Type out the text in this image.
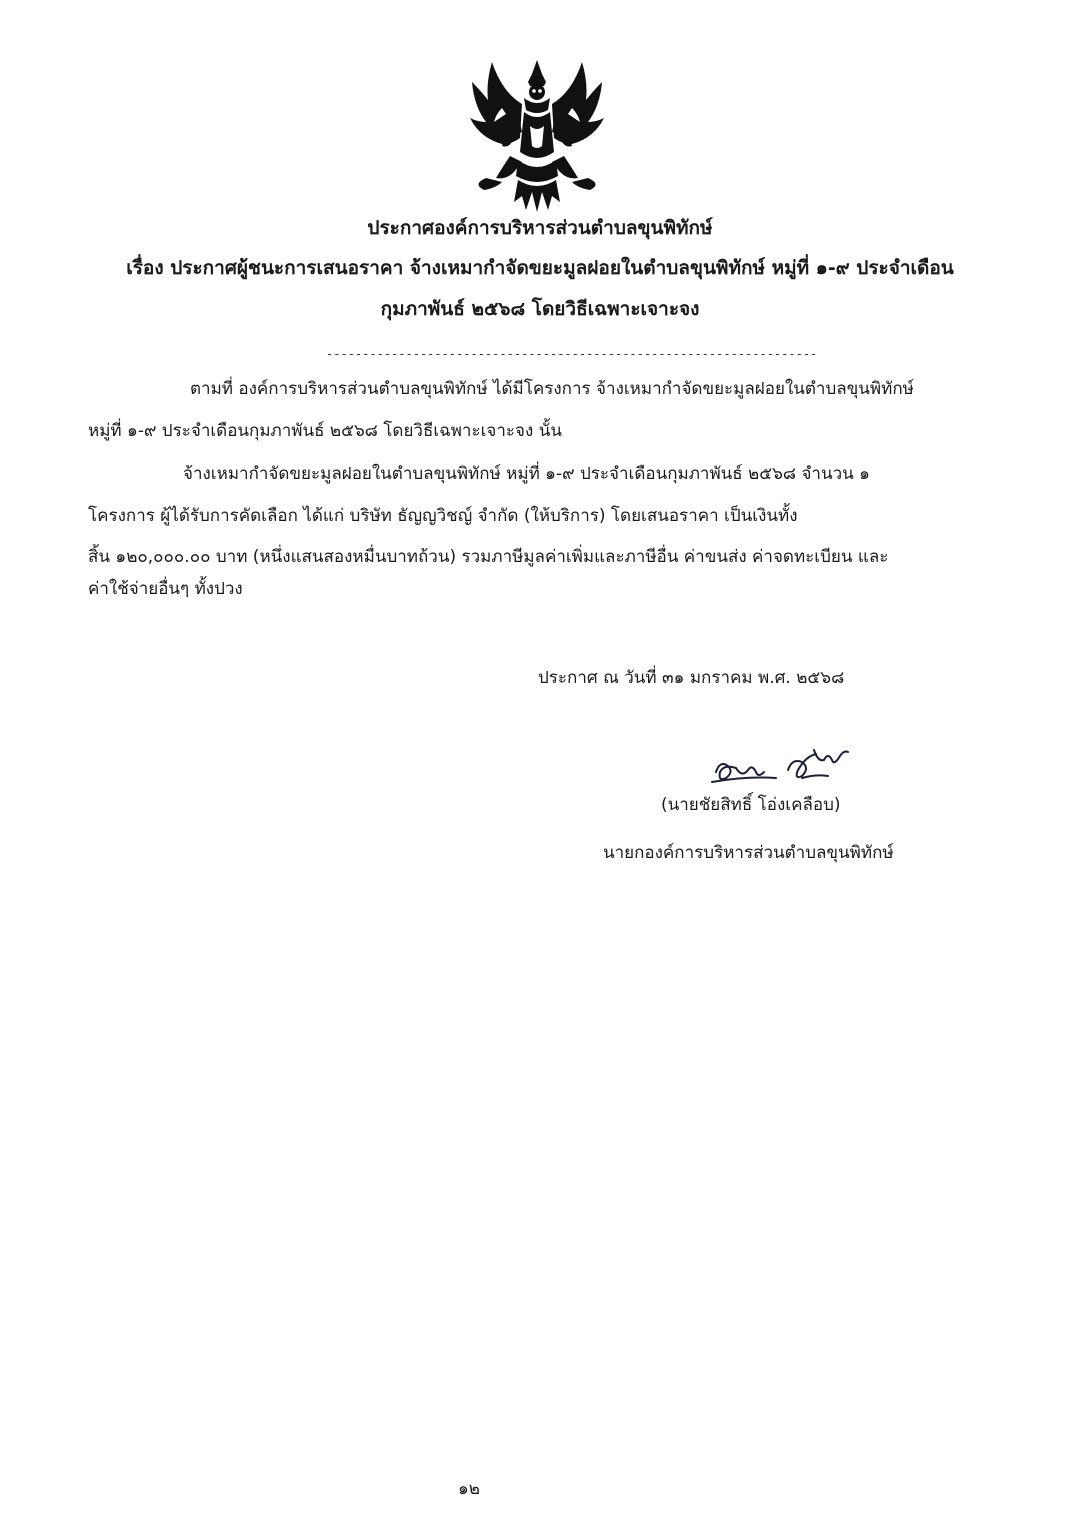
ประกาศองค์การบริหารส่วนตำบลขุนพิทักษ์
เรื่อง ประกาศผู้ชนะการเสนอราคา จ้างเหมากำจัดขยะมูลฝอยในตำบลขุนพิทักษ์ หมู่ที่ ๑-๙ ประจำเดือน
กุมภาพันธ์ ๒๕๖๘ โดยวิธีเฉพาะเจาะจง
--------------------------------------------------------------------
ตามที่ องค์การบริหารส่วนตำบลขุนพิทักษ์ ได้มีโครงการ จ้างเหมากำจัดขยะมูลฝอยในตำบลขุนพิทักษ์
หมู่ที่ ๑-๙ ประจำเดือนกุมภาพันธ์ ๒๕๖๘ โดยวิธีเฉพาะเจาะจง นั้น
จ้างเหมากำจัดขยะมูลฝอยในตำบลขุนพิทักษ์ หมู่ที่ ๑-๙ ประจำเดือนกุมภาพันธ์ ๒๕๖๘ จำนวน ๑
โครงการ ผู้ได้รับการคัดเลือก ได้แก่ บริษัท ธัญญวิชญ์ จำกัด (ให้บริการ) โดยเสนอราคา เป็นเงินทั้ง
สิ้น ๑๒๐,๐๐๐.๐๐ บาท (หนึ่งแสนสองหมื่นบาทถ้วน) รวมภาษีมูลค่าเพิ่มและภาษีอื่น ค่าขนส่ง ค่าจดทะเบียน และ
ค่าใช้จ่ายอื่นๆ ทั้งปวง
ประกาศ ณ วันที่ ๓๑ มกราคม พ.ศ. ๒๕๖๘
(นายชัยสิทธิ์ โอ่งเคลือบ)
นายกองค์การบริหารส่วนตำบลขุนพิทักษ์
๑๒
